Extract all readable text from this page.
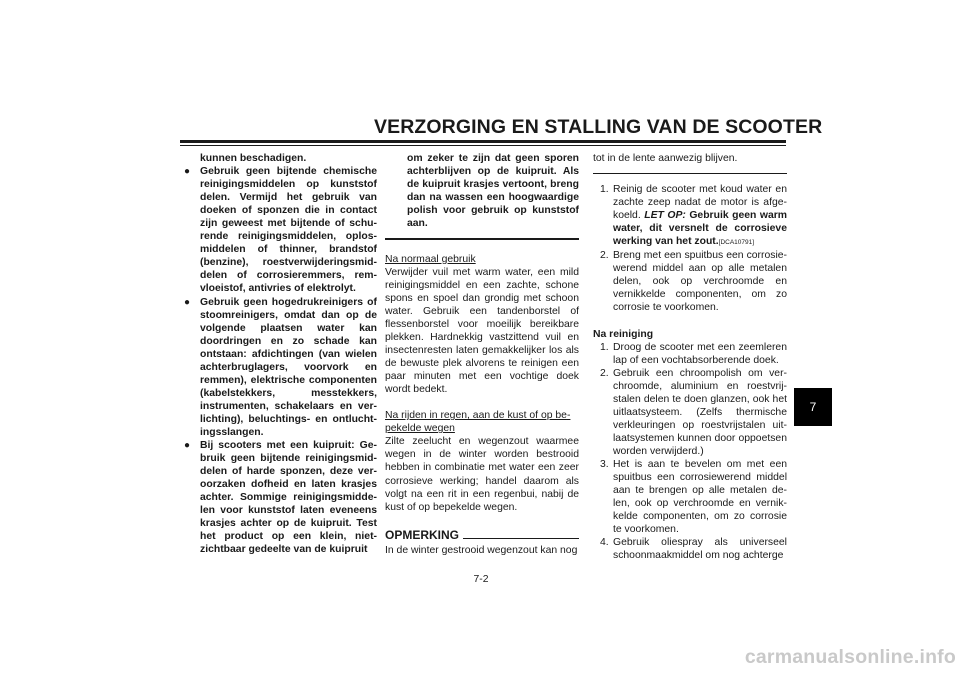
VERZORGING EN STALLING VAN DE SCOOTER
kunnen beschadigen.
● Gebruik geen bijtende chemische reinigingsmiddelen op kunststof delen. Vermijd het gebruik van doeken of sponzen die in contact zijn geweest met bijtende of schurende reinigingsmiddelen, oplosmiddelen of thinner, brandstof (benzine), roestverwijderingsmiddelen of corrosieremmers, remvloeistof, antivries of elektrolyt.
● Gebruik geen hogedrukreinigers of stoomreinigers, omdat dan op de volgende plaatsen water kan doordringen en zo schade kan ontstaan: afdichtingen (van wielen achterbruglagers, voorvork en remmen), elektrische componenten (kabelstekkers, messtekkers, instrumenten, schakelaars en verlichting), beluchtings- en ontluchtingsslangen.
● Bij scooters met een kuipruit: Gebruik geen bijtende reinigingsmiddelen of harde sponzen, deze veroorzaken dofheid en laten krasjes achter. Sommige reinigingsmiddelen voor kunststof laten eveneens krasjes achter op de kuipruit. Test het product op een klein, nietzichtbaar gedeelte van de kuipruit
om zeker te zijn dat geen sporen achterblijven op de kuipruit. Als de kuipruit krasjes vertoont, breng dan na wassen een hoogwaardige polish voor gebruik op kunststof aan.
Na normaal gebruik
Verwijder vuil met warm water, een mild reinigingsmiddel en een zachte, schone spons en spoel dan grondig met schoon water. Gebruik een tandenborstel of flessenborstel voor moeilijk bereikbare plekken. Hardnekkig vastzittend vuil en insectenresten laten gemakkelijker los als de bewuste plek alvorens te reinigen een paar minuten met een vochtige doek wordt bedekt.
Na rijden in regen, aan de kust of op bepekelde wegen
Zilte zeelucht en wegenzout waarmee wegen in de winter worden bestrooid hebben in combinatie met water een zeer corrosieve werking; handel daarom als volgt na een rit in een regenbui, nabij de kust of op bepekelde wegen.
OPMERKING
In de winter gestrooid wegenzout kan nog
tot in de lente aanwezig blijven.
1. Reinig de scooter met koud water en zachte zeep nadat de motor is afgekoeld. LET OP: Gebruik geen warm water, dit versnelt de corrosieve werking van het zout.[DCA10791]
2. Breng met een spuitbus een corrosiewerend middel aan op alle metalen delen, ook op verchroomde en vernikkelde componenten, om zo corrosie te voorkomen.
Na reiniging
1. Droog de scooter met een zeemleren lap of een vochtabsorberende doek.
2. Gebruik een chroompolish om verchroomde, aluminium en roestvrijstalen delen te doen glanzen, ook het uitlaatsysteem. (Zelfs thermische verkleuringen op roestvrijstalen uitlaatsystemen kunnen door oppoetsen worden verwijderd.)
3. Het is aan te bevelen om met een spuitbus een corrosiewerend middel aan te brengen op alle metalen delen, ook op verchroomde en vernikkelde componenten, om zo corrosie te voorkomen.
4. Gebruik oliespray als universeel schoonmaakmiddel om nog achterge
7-2
7
carmanualsonline.info
